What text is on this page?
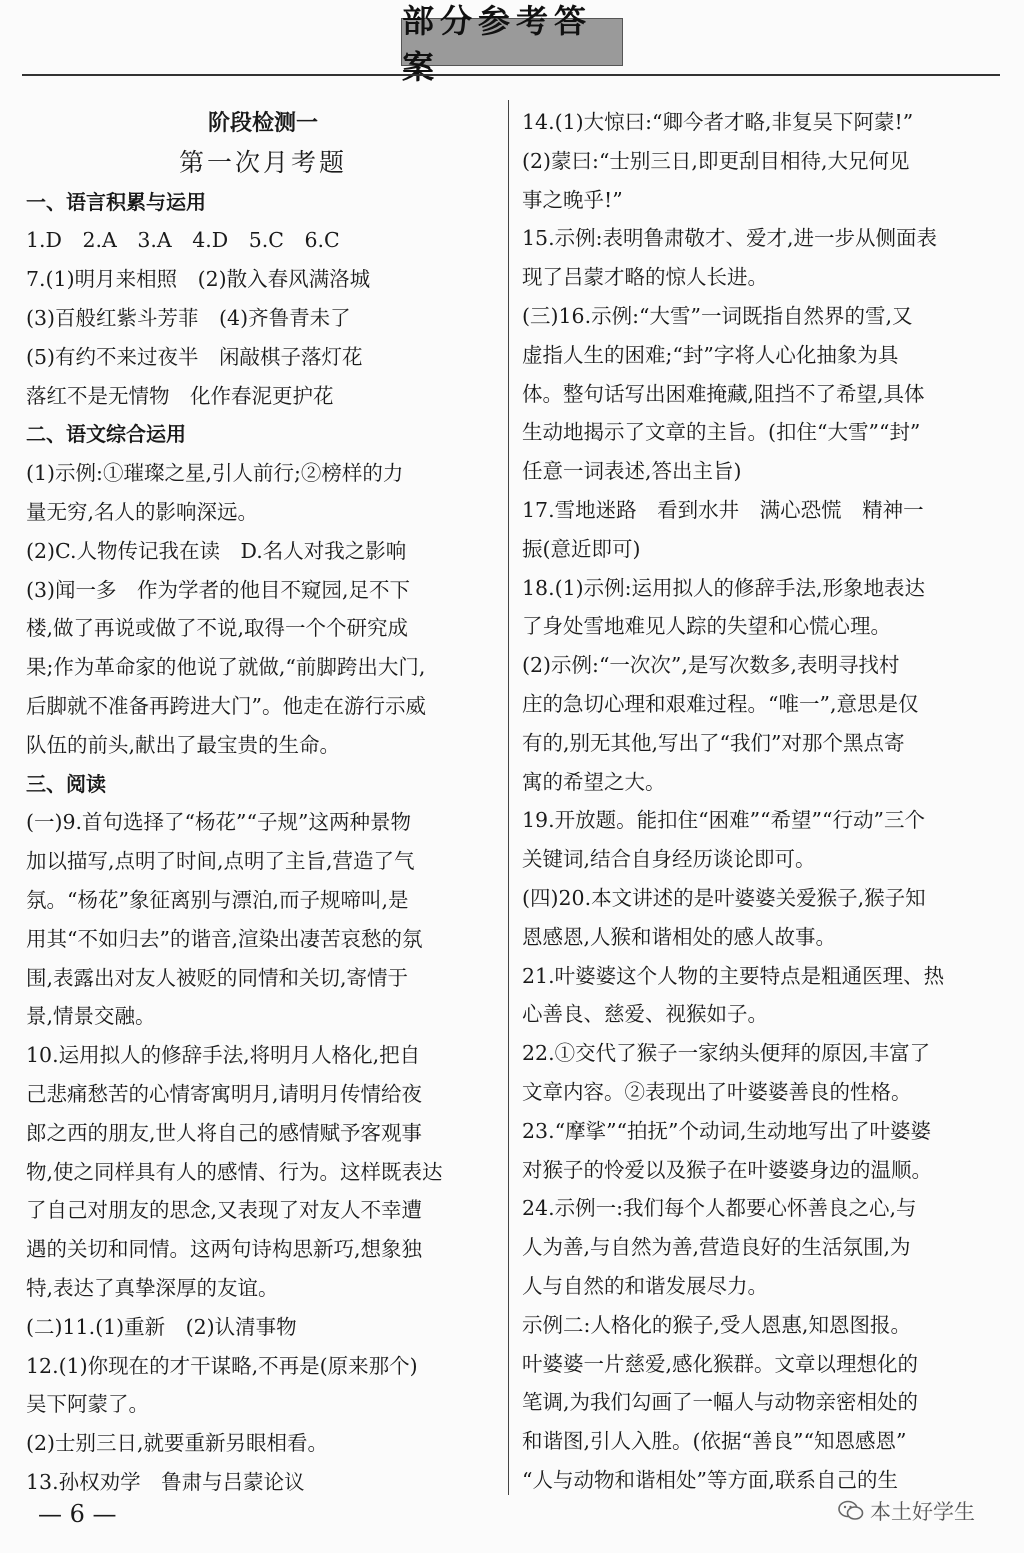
部分参考答案
阶段检测一
第一次月考题
一、语言积累与运用
1.D　2.A　3.A　4.D　5.C　6.C
7.(1)明月来相照　(2)散入春风满洛城
(3)百般红紫斗芳菲　(4)齐鲁青未了
(5)有约不来过夜半　闲敲棋子落灯花
落红不是无情物　化作春泥更护花
二、语文综合运用
(1)示例:①璀璨之星,引人前行;②榜样的力
量无穷,名人的影响深远。
(2)C.人物传记我在读　D.名人对我之影响
(3)闻一多　作为学者的他目不窥园,足不下
楼,做了再说或做了不说,取得一个个研究成
果;作为革命家的他说了就做,“前脚跨出大门,
后脚就不准备再跨进大门”。他走在游行示威
队伍的前头,献出了最宝贵的生命。
三、阅读
(一)9.首句选择了“杨花”“子规”这两种景物
加以描写,点明了时间,点明了主旨,营造了气
氛。“杨花”象征离别与漂泊,而子规啼叫,是
用其“不如归去”的谐音,渲染出凄苦哀愁的氛
围,表露出对友人被贬的同情和关切,寄情于
景,情景交融。
10.运用拟人的修辞手法,将明月人格化,把自
己悲痛愁苦的心情寄寓明月,请明月传情给夜
郎之西的朋友,世人将自己的感情赋予客观事
物,使之同样具有人的感情、行为。这样既表达
了自己对朋友的思念,又表现了对友人不幸遭
遇的关切和同情。这两句诗构思新巧,想象独
特,表达了真挚深厚的友谊。
(二)11.(1)重新　(2)认清事物
12.(1)你现在的才干谋略,不再是(原来那个)
吴下阿蒙了。
(2)士别三日,就要重新另眼相看。
13.孙权劝学　鲁肃与吕蒙论议
14.(1)大惊曰:“卿今者才略,非复吴下阿蒙!”
(2)蒙曰:“士别三日,即更刮目相待,大兄何见
事之晚乎!”
15.示例:表明鲁肃敬才、爱才,进一步从侧面表
现了吕蒙才略的惊人长进。
(三)16.示例:“大雪”一词既指自然界的雪,又
虚指人生的困难;“封”字将人心化抽象为具
体。整句话写出困难掩藏,阻挡不了希望,具体
生动地揭示了文章的主旨。(扣住“大雪”“封”
任意一词表述,答出主旨)
17.雪地迷路　看到水井　满心恐慌　精神一
振(意近即可)
18.(1)示例:运用拟人的修辞手法,形象地表达
了身处雪地难见人踪的失望和心慌心理。
(2)示例:“一次次”,是写次数多,表明寻找村
庄的急切心理和艰难过程。“唯一”,意思是仅
有的,别无其他,写出了“我们”对那个黑点寄
寓的希望之大。
19.开放题。能扣住“困难”“希望”“行动”三个
关键词,结合自身经历谈论即可。
(四)20.本文讲述的是叶婆婆关爱猴子,猴子知
恩感恩,人猴和谐相处的感人故事。
21.叶婆婆这个人物的主要特点是粗通医理、热
心善良、慈爱、视猴如子。
22.①交代了猴子一家纳头便拜的原因,丰富了
文章内容。②表现出了叶婆婆善良的性格。
23.“摩挲”“拍抚”个动词,生动地写出了叶婆婆
对猴子的怜爱以及猴子在叶婆婆身边的温顺。
24.示例一:我们每个人都要心怀善良之心,与
人为善,与自然为善,营造良好的生活氛围,为
人与自然的和谐发展尽力。
示例二:人格化的猴子,受人恩惠,知恩图报。
叶婆婆一片慈爱,感化猴群。文章以理想化的
笔调,为我们勾画了一幅人与动物亲密相处的
和谐图,引人入胜。(依据“善良”“知恩感恩”
“人与动物和谐相处”等方面,联系自己的生
— 6 —	本土好学生
